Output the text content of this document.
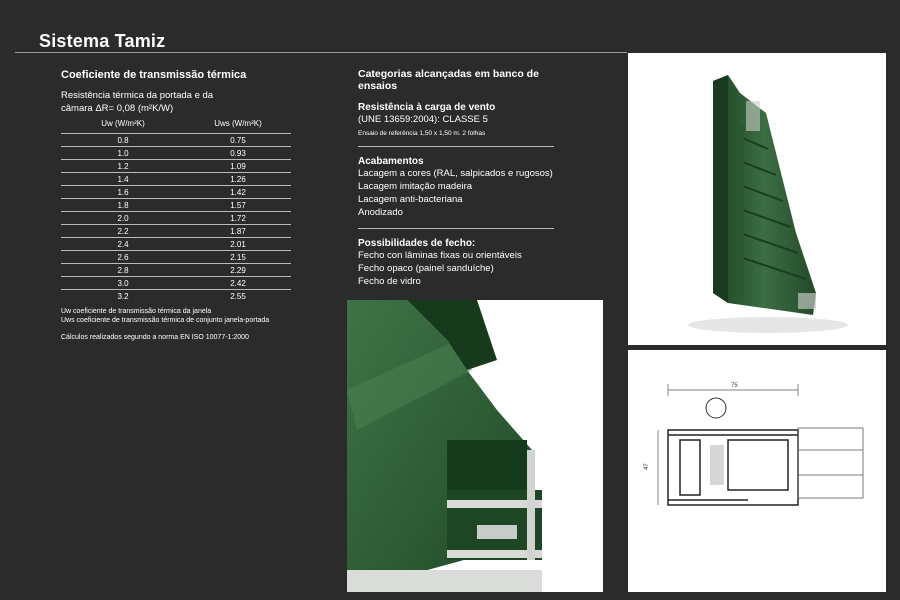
Sistema Tamiz
Coeficiente de transmissão térmica
Resistência térmica da portada e da
câmara ΔR= 0,08 (m²K/W)
Uw (W/m²K)	Uws (W/m²K)
0.8	0.75
1.0	0.93
1.2	1.09
1.4	1.26
1.6	1.42
1.8	1.57
2.0	1.72
2.2	1.87
2.4	2.01
2.6	2.15
2.8	2.29
3.0	2.42
3.2	2.55
Uw coeficiente de transmissão térmica da janela
Uws coeficiente de transmissão térmica de conjunto janela-portada
Cálculos realizados segundo a norma EN ISO 10077-1:2000
Categorias alcançadas em banco de ensaios
Resistência à carga de vento
(UNE 13659:2004): CLASSE 5
Ensaio de referência 1,50 x 1,50 m. 2 folhas
Acabamentos
Lacagem a cores (RAL, salpicados e rugosos)
Lacagem imitação madeira
Lacagem anti-bacteriana
Anodizado
Possibilidades de fecho:
Fecho con lâminas fixas ou orientáveis
Fecho opaco (painel sanduíche)
Fecho de vidro
75
47
